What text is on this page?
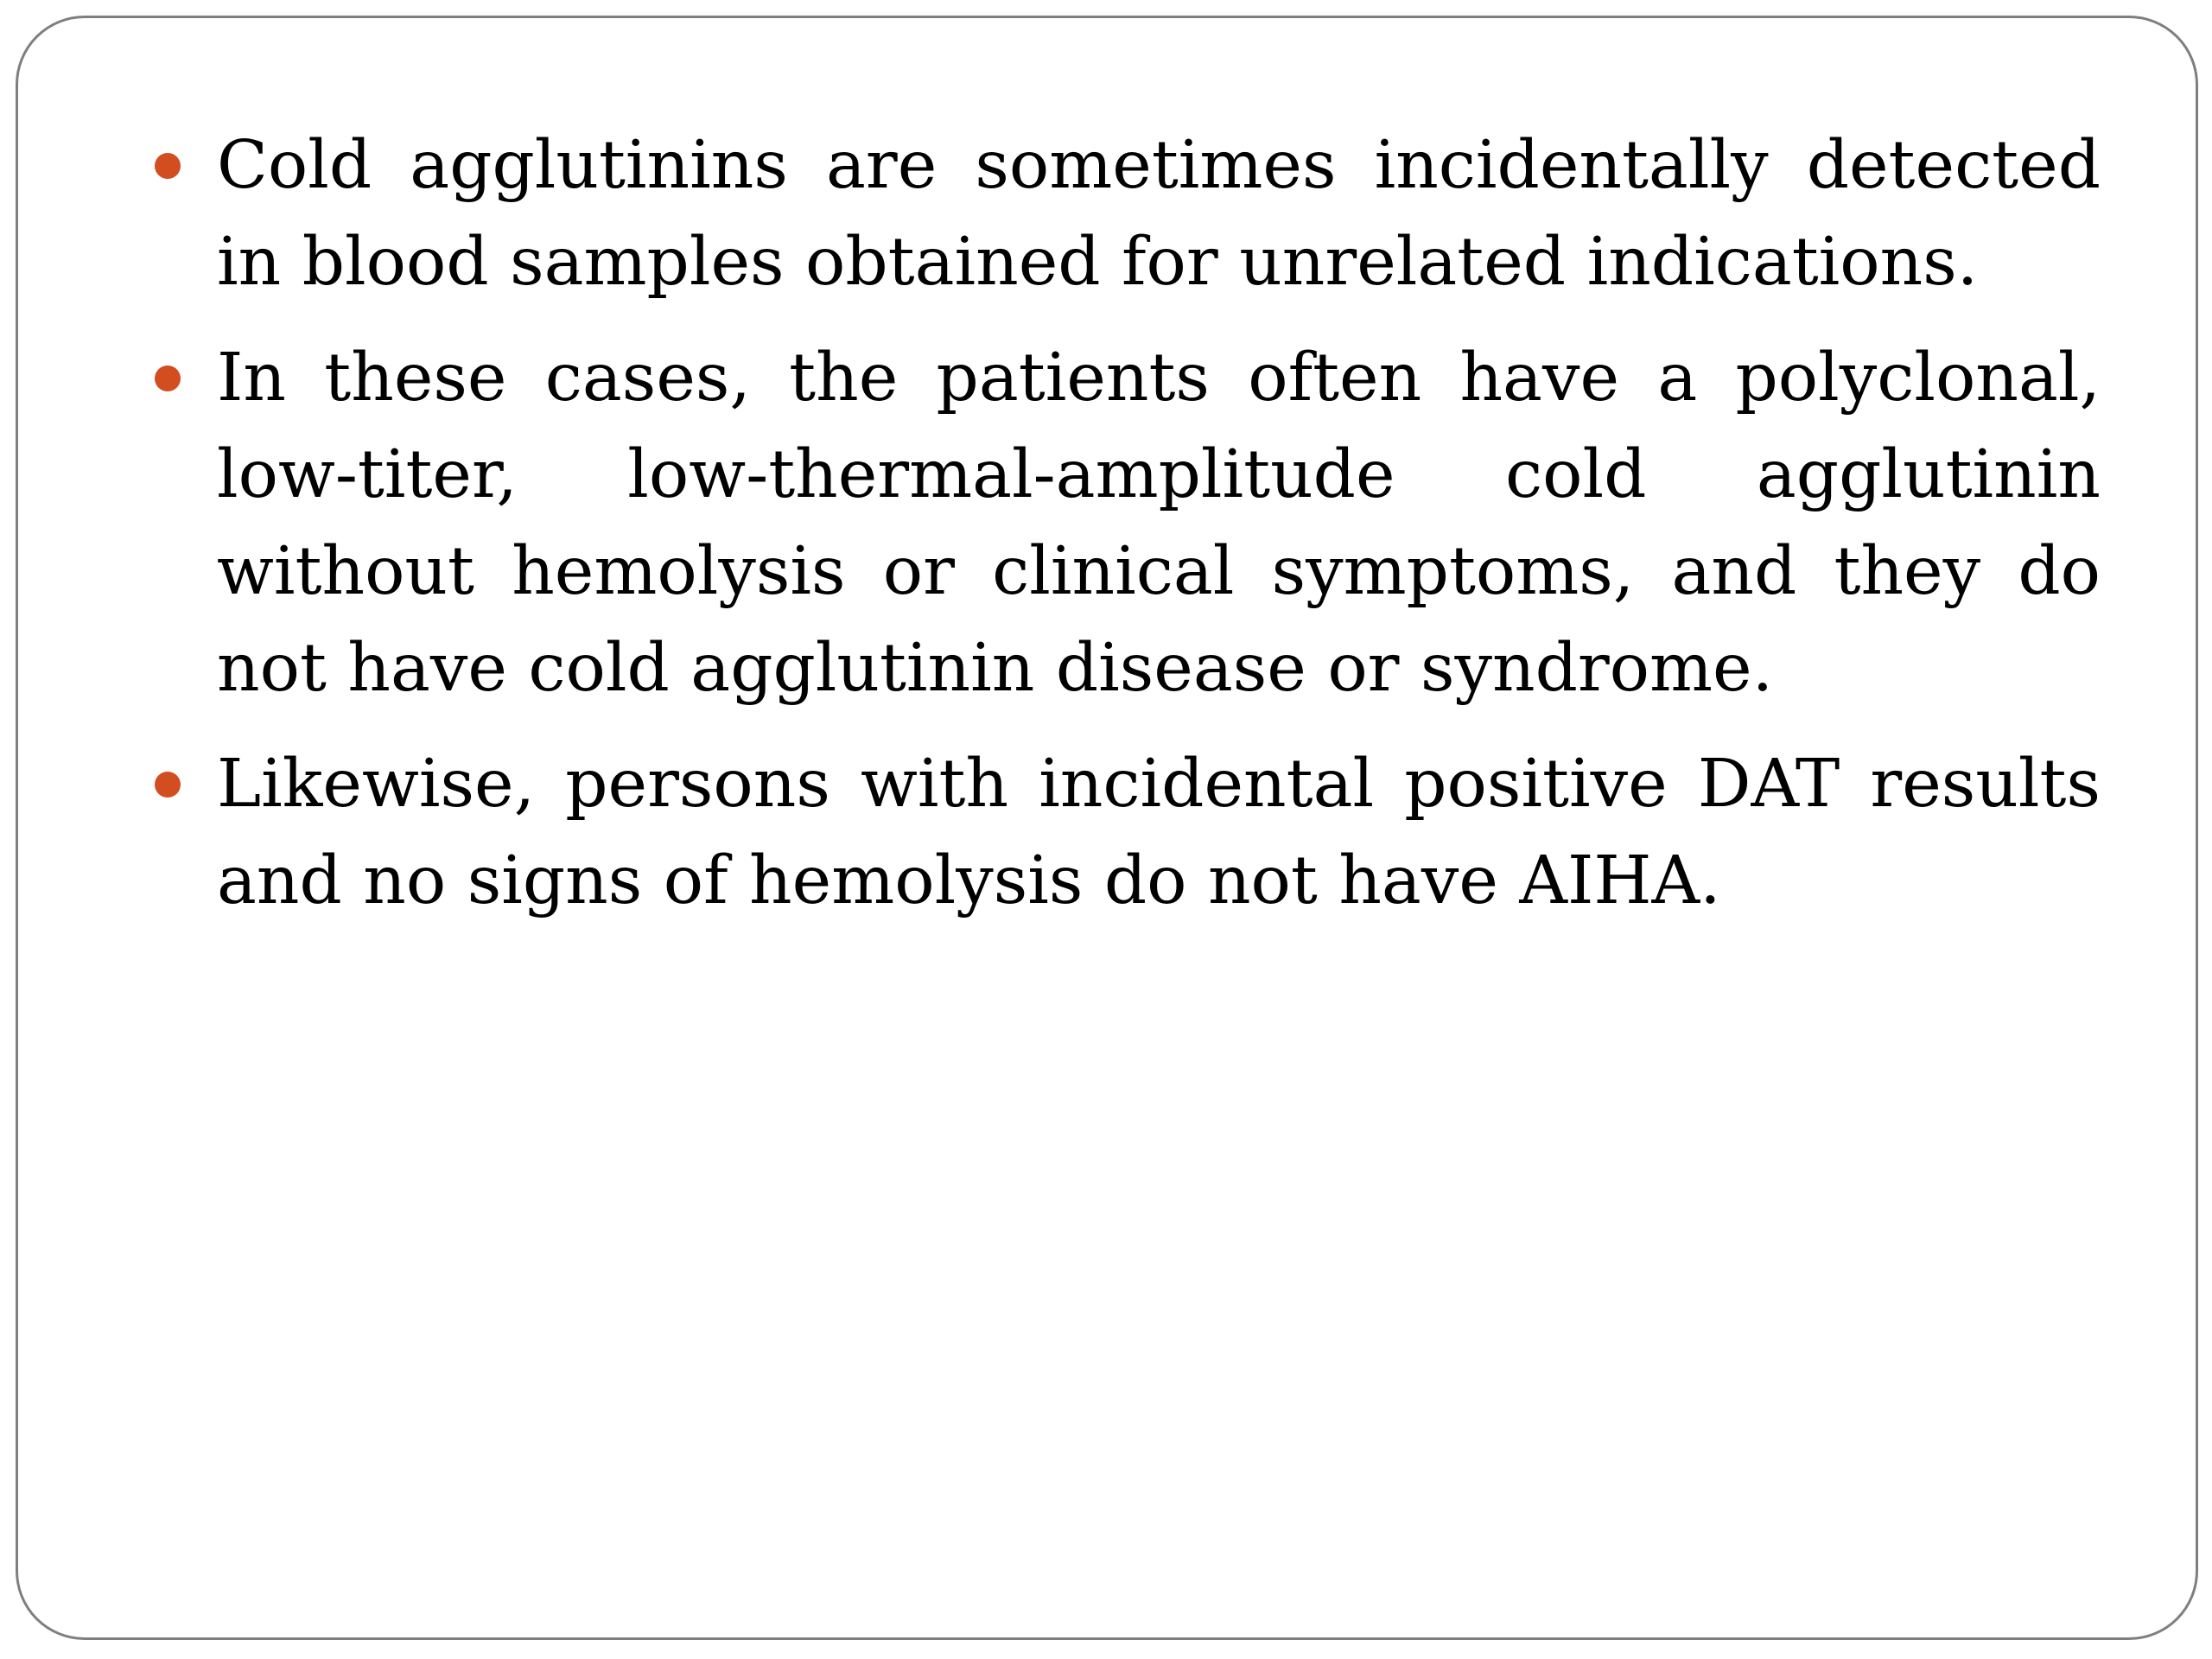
Cold agglutinins are sometimes incidentally detected in blood samples obtained for unrelated indications.
In these cases, the patients often have a polyclonal, low-titer, low-thermal-amplitude cold agglutinin without hemolysis or clinical symptoms, and they do not have cold agglutinin disease or syndrome.
Likewise, persons with incidental positive DAT results and no signs of hemolysis do not have AIHA.
